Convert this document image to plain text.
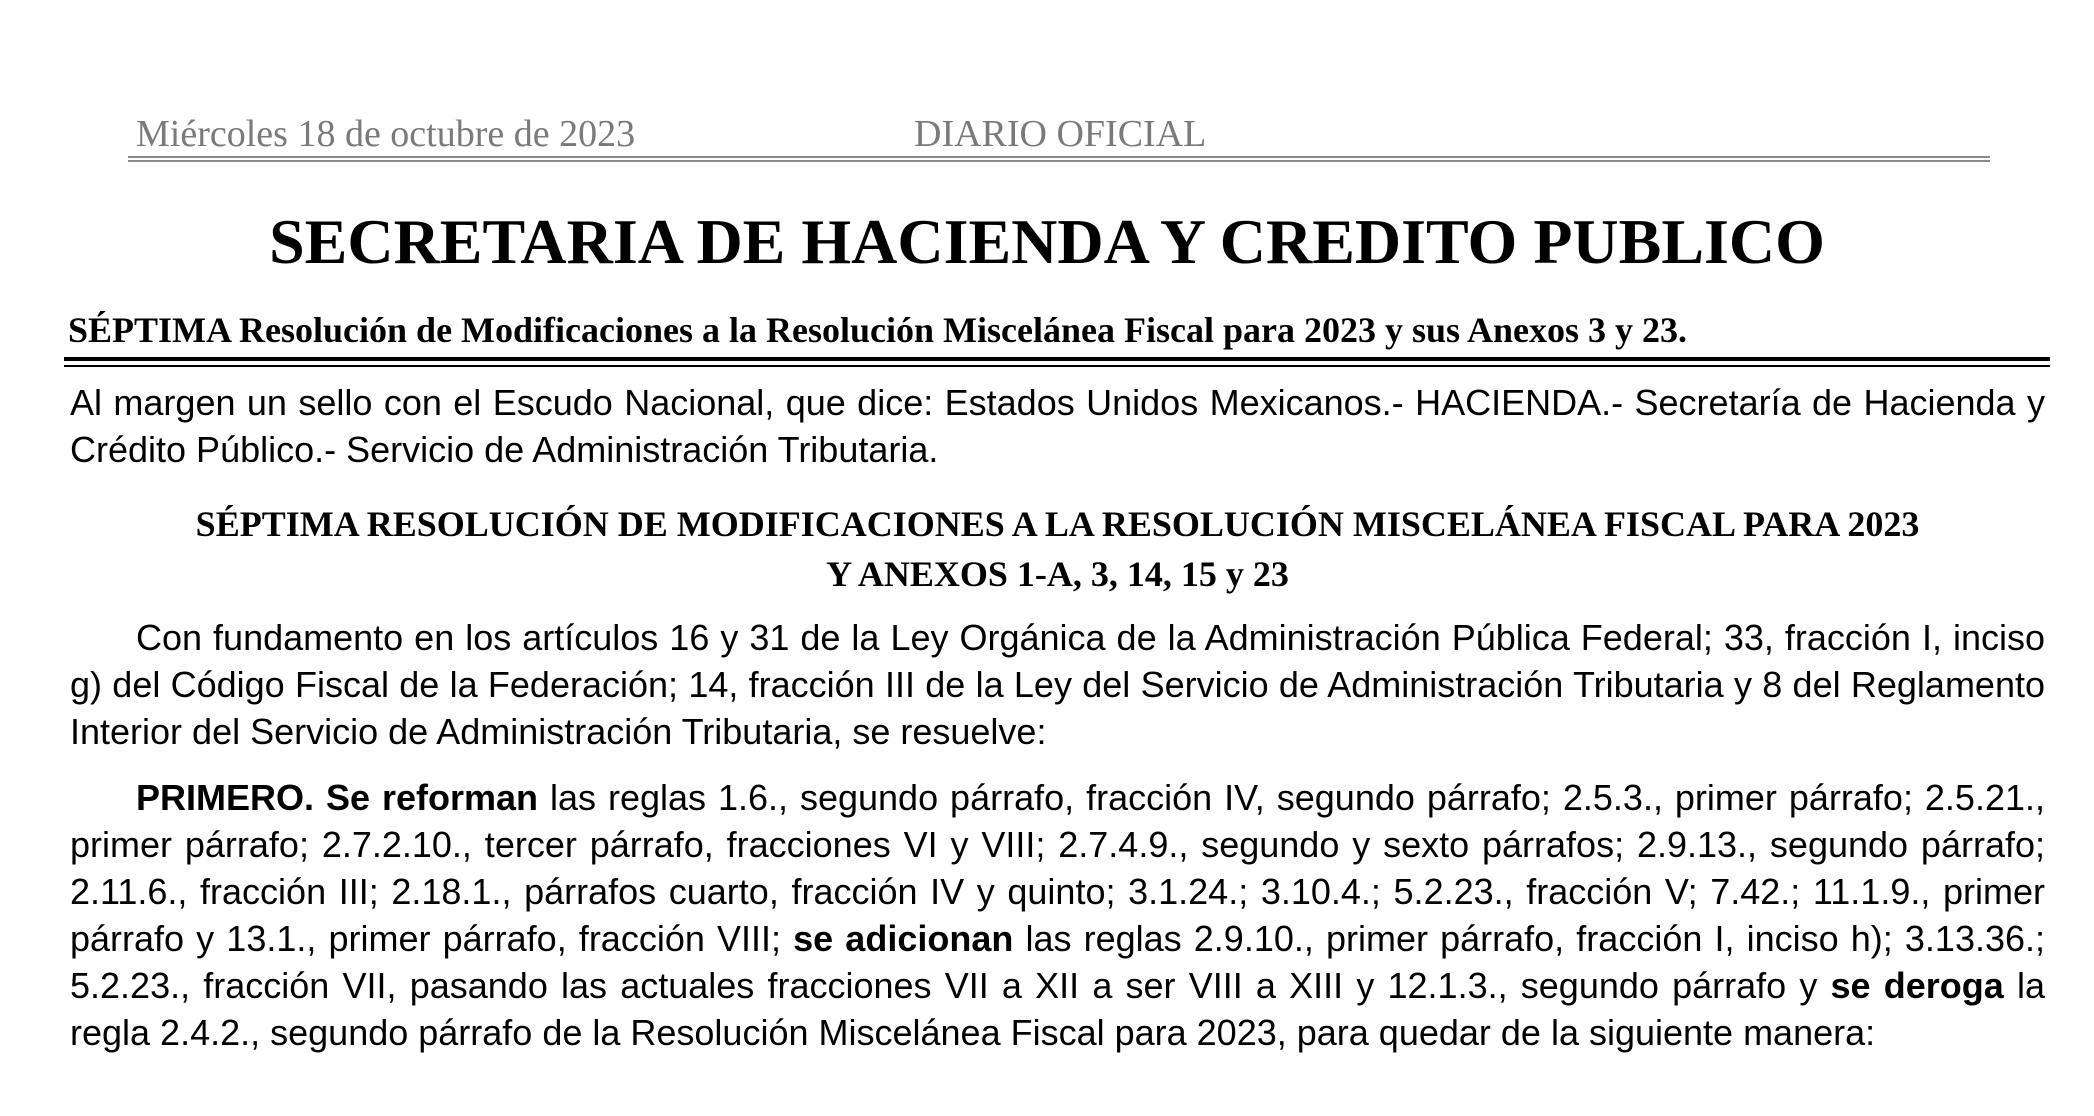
Miércoles 18 de octubre de 2023	DIARIO OFICIAL
SECRETARIA DE HACIENDA Y CREDITO PUBLICO
SÉPTIMA Resolución de Modificaciones a la Resolución Miscelánea Fiscal para 2023 y sus Anexos 3 y 23.
Al margen un sello con el Escudo Nacional, que dice: Estados Unidos Mexicanos.- HACIENDA.- Secretaría de Hacienda y Crédito Público.- Servicio de Administración Tributaria.
SÉPTIMA RESOLUCIÓN DE MODIFICACIONES A LA RESOLUCIÓN MISCELÁNEA FISCAL PARA 2023
Y ANEXOS 1-A, 3, 14, 15 y 23
Con fundamento en los artículos 16 y 31 de la Ley Orgánica de la Administración Pública Federal; 33, fracción I, inciso g) del Código Fiscal de la Federación; 14, fracción III de la Ley del Servicio de Administración Tributaria y 8 del Reglamento Interior del Servicio de Administración Tributaria, se resuelve:
PRIMERO. Se reforman las reglas 1.6., segundo párrafo, fracción IV, segundo párrafo; 2.5.3., primer párrafo; 2.5.21., primer párrafo; 2.7.2.10., tercer párrafo, fracciones VI y VIII; 2.7.4.9., segundo y sexto párrafos; 2.9.13., segundo párrafo; 2.11.6., fracción III; 2.18.1., párrafos cuarto, fracción IV y quinto; 3.1.24.; 3.10.4.; 5.2.23., fracción V; 7.42.; 11.1.9., primer párrafo y 13.1., primer párrafo, fracción VIII; se adicionan las reglas 2.9.10., primer párrafo, fracción I, inciso h); 3.13.36.; 5.2.23., fracción VII, pasando las actuales fracciones VII a XII a ser VIII a XIII y 12.1.3., segundo párrafo y se deroga la regla 2.4.2., segundo párrafo de la Resolución Miscelánea Fiscal para 2023, para quedar de la siguiente manera:
